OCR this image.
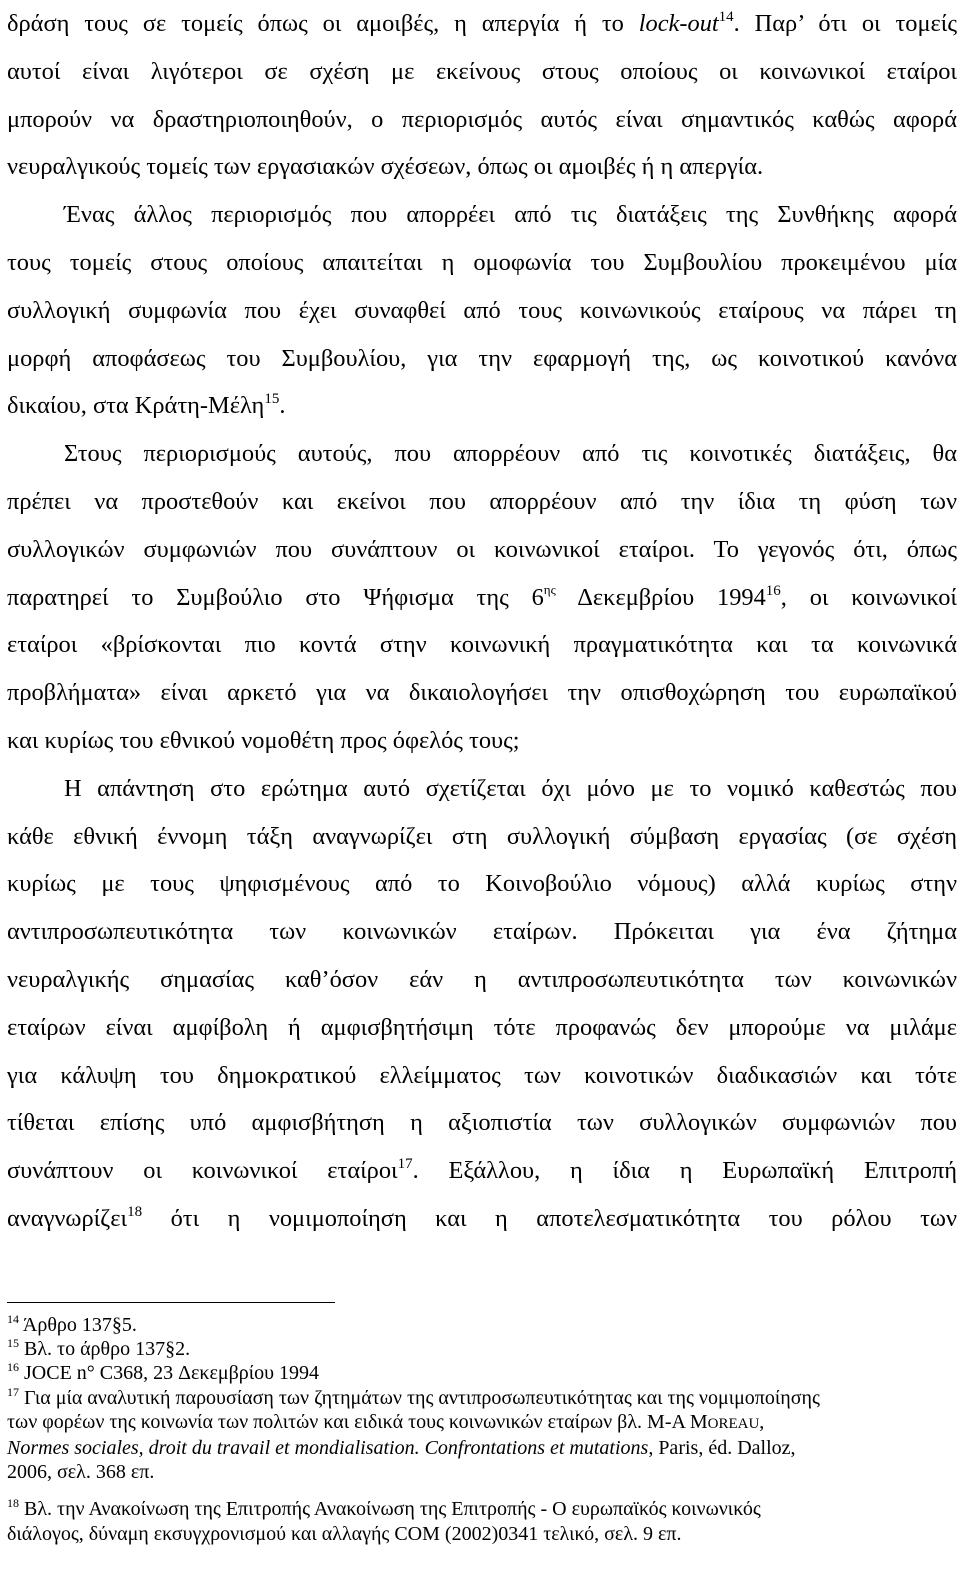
δράση τους σε τομείς όπως οι αμοιβές, η απεργία ή το lock-out$^{14}$. Παρ’ ότι οι τομείς
αυτοί είναι λιγότεροι σε σχέση με εκείνους στους οποίους οι κοινωνικοί εταίροι
μπορούν να δραστηριοποιηθούν, ο περιορισμός αυτός είναι σημαντικός καθώς αφορά
νευραλγικούς τομείς των εργασιακών σχέσεων, όπως οι αμοιβές ή η απεργία.
Ένας άλλος περιορισμός που απορρέει από τις διατάξεις της Συνθήκης αφορά
τους τομείς στους οποίους απαιτείται η ομοφωνία του Συμβουλίου προκειμένου μία
συλλογική συμφωνία που έχει συναφθεί από τους κοινωνικούς εταίρους να πάρει τη
μορφή αποφάσεως του Συμβουλίου, για την εφαρμογή της, ως κοινοτικού κανόνα
δικαίου, στα Κράτη-Μέλη$^{15}$.
Στους περιορισμούς αυτούς, που απορρέουν από τις κοινοτικές διατάξεις, θα
πρέπει να προστεθούν και εκείνοι που απορρέουν από την ίδια τη φύση των
συλλογικών συμφωνιών που συνάπτουν οι κοινωνικοί εταίροι. Το γεγονός ότι, όπως
παρατηρεί το Συμβούλιο στο Ψήφισμα της $6^{\eta\varsigma}$ Δεκεμβρίου 1994$^{16}$, οι κοινωνικοί
εταίροι «βρίσκονται πιο κοντά στην κοινωνική πραγματικότητα και τα κοινωνικά
προβλήματα» είναι αρκετό για να δικαιολογήσει την οπισθοχώρηση του ευρωπαϊκού
και κυρίως του εθνικού νομοθέτη προς όφελός τους;
Η απάντηση στο ερώτημα αυτό σχετίζεται όχι μόνο με το νομικό καθεστώς που
κάθε εθνική έννομη τάξη αναγνωρίζει στη συλλογική σύμβαση εργασίας (σε σχέση
κυρίως με τους ψηφισμένους από το Κοινοβούλιο νόμους) αλλά κυρίως στην
αντιπροσωπευτικότητα των κοινωνικών εταίρων. Πρόκειται για ένα ζήτημα
νευραλγικής σημασίας καθ’όσον εάν η αντιπροσωπευτικότητα των κοινωνικών
εταίρων είναι αμφίβολη ή αμφισβητήσιμη τότε προφανώς δεν μπορούμε να μιλάμε
για κάλυψη του δημοκρατικού ελλείμματος των κοινοτικών διαδικασιών και τότε
τίθεται επίσης υπό αμφισβήτηση η αξιοπιστία των συλλογικών συμφωνιών που
συνάπτουν οι κοινωνικοί εταίροι$^{17}$. Εξάλλου, η ίδια η Ευρωπαϊκή Επιτροπή
αναγνωρίζει$^{18}$ ότι η νομιμοποίηση και η αποτελεσματικότητα του ρόλου των
$^{14}$ Άρθρο 137§5.
$^{15}$ Βλ. το άρθρο 137§2.
$^{16}$ JOCE n° C368, 23 Δεκεμβρίου 1994
$^{17}$ Για μία αναλυτική παρουσίαση των ζητημάτων της αντιπροσωπευτικότητας και της νομιμοποίησης
των φορέων της κοινωνία των πολιτών και ειδικά τους κοινωνικών εταίρων βλ. M-A MOREAU,
Normes sociales, droit du travail et mondialisation. Confrontations et mutations, Paris, éd. Dalloz,
2006, σελ. 368 επ.
$^{18}$ Βλ. την Ανακοίνωση της Επιτροπής Ανακοίνωση της Επιτροπής - Ο ευρωπαϊκός κοινωνικός
διάλογος, δύναμη εκσυγχρονισμού και αλλαγής COM (2002)0341 τελικό, σελ. 9 επ.
